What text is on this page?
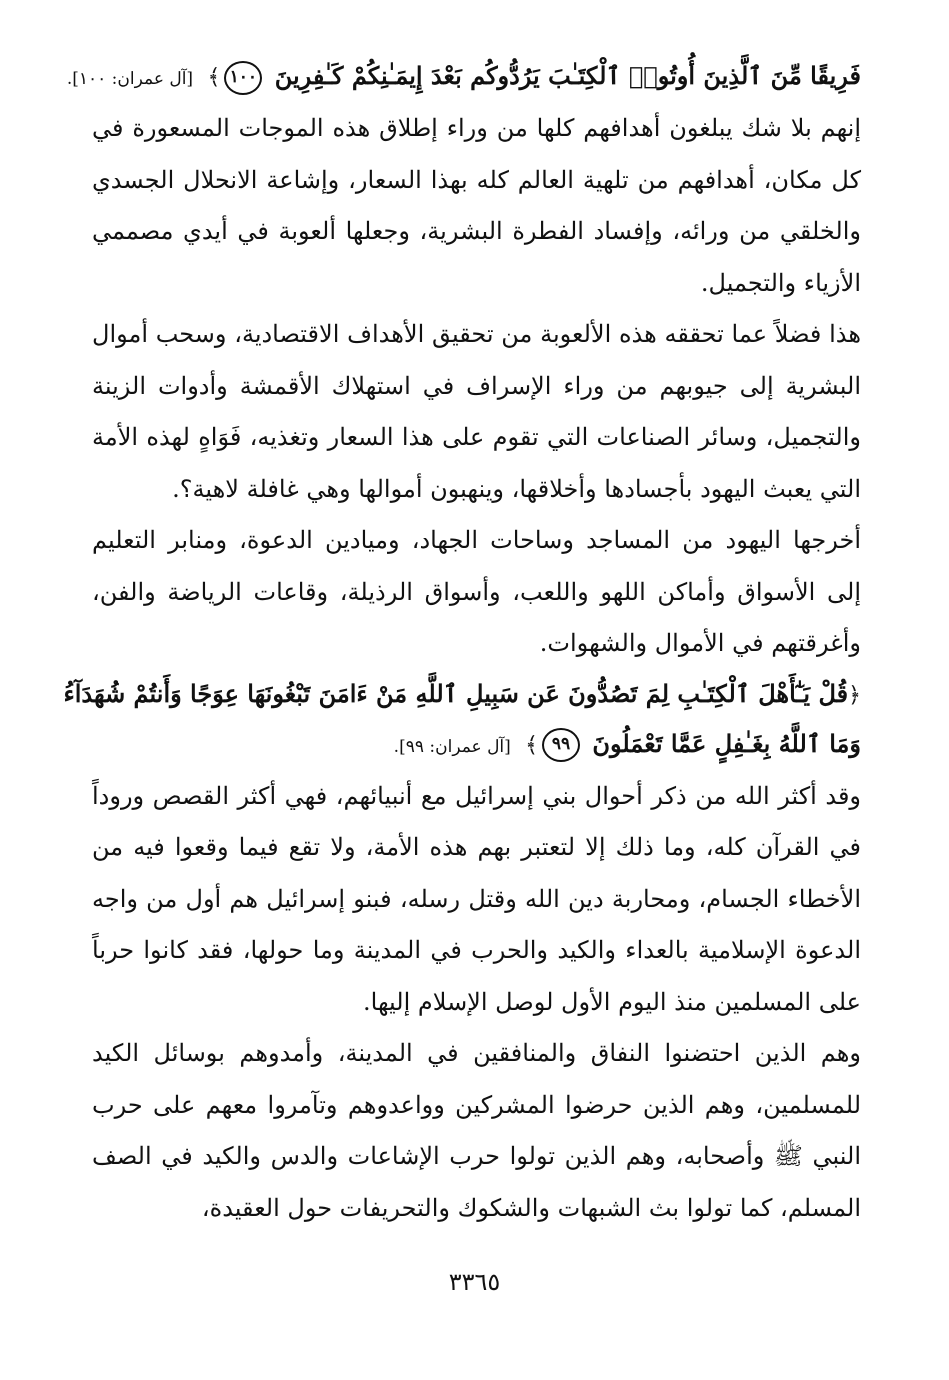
فَرِيقًا مِّنَ ٱلَّذِينَ أُوتُوا۟ ٱلْكِتَـٰبَ يَرُدُّوكُم بَعْدَ إِيمَـٰنِكُمْ كَـٰفِرِينَ ١٠٠﴾ [آل عمران: ١٠٠].

إنهم بلا شك يبلغون أهدافهم كلها من وراء إطلاق هذه الموجات المسعورة في كل مكان، أهدافهم من تلهية العالم كله بهذا السعار، وإشاعة الانحلال الجسدي والخلقي من ورائه، وإفساد الفطرة البشرية، وجعلها ألعوبة في أيدي مصممي الأزياء والتجميل.

هذا فضلاً عما تحققه هذه الألعوبة من تحقيق الأهداف الاقتصادية، وسحب أموال البشرية إلى جيوبهم من وراء الإسراف في استهلاك الأقمشة وأدوات الزينة والتجميل، وسائر الصناعات التي تقوم على هذا السعار وتغذيه، فَوَاهٍ لهذه الأمة التي يعبث اليهود بأجسادها وأخلاقها، وينهبون أموالها وهي غافلة لاهية؟.

أخرجها اليهود من المساجد وساحات الجهاد، وميادين الدعوة، ومنابر التعليم إلى الأسواق وأماكن اللهو واللعب، وأسواق الرذيلة، وقاعات الرياضة والفن، وأغرقتهم في الأموال والشهوات.

﴿قُلْ يَـٰٓأَهْلَ ٱلْكِتَـٰبِ لِمَ تَصُدُّونَ عَن سَبِيلِ ٱللَّهِ مَنْ ءَامَنَ تَبْغُونَهَا عِوَجًا وَأَنتُمْ شُهَدَآءُ
وَمَا ٱللَّهُ بِغَـٰفِلٍ عَمَّا تَعْمَلُونَ ٩٩﴾ [آل عمران: ٩٩].

وقد أكثر الله من ذكر أحوال بني إسرائيل مع أنبيائهم، فهي أكثر القصص وروداً في القرآن كله، وما ذلك إلا لتعتبر بهم هذه الأمة، ولا تقع فيما وقعوا فيه من الأخطاء الجسام، ومحاربة دين الله وقتل رسله، فبنو إسرائيل هم أول من واجه الدعوة الإسلامية بالعداء والكيد والحرب في المدينة وما حولها، فقد كانوا حرباً على المسلمين منذ اليوم الأول لوصل الإسلام إليها.

وهم الذين احتضنوا النفاق والمنافقين في المدينة، وأمدوهم بوسائل الكيد للمسلمين، وهم الذين حرضوا المشركين وواعدوهم وتآمروا معهم على حرب النبي ﷺ وأصحابه، وهم الذين تولوا حرب الإشاعات والدس والكيد في الصف المسلم، كما تولوا بث الشبهات والشكوك والتحريفات حول العقيدة،

٣٣٦٥
